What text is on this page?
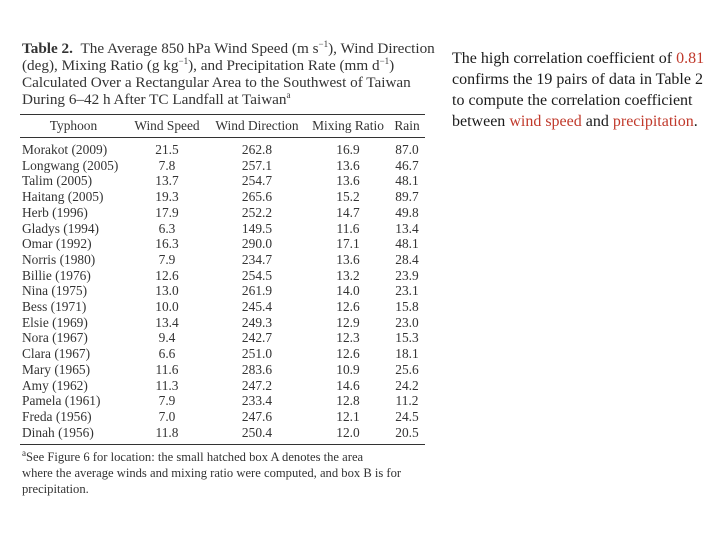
Table 2. The Average 850 hPa Wind Speed (m $s^{-1}$), Wind Direction
(deg), Mixing Ratio (g $kg^{-1}$), and Precipitation Rate (mm $d^{-1}$)
Calculated Over a Rectangular Area to the Southwest of Taiwan
During 6–42 h After TC Landfall at Taiwan$^a$
Typhoon	Wind Speed	Wind Direction	Mixing Ratio	Rain
Morakot (2009)	21.5	262.8	16.9	87.0
Longwang (2005)	7.8	257.1	13.6	46.7
Talim (2005)	13.7	254.7	13.6	48.1
Haitang (2005)	19.3	265.6	15.2	89.7
Herb (1996)	17.9	252.2	14.7	49.8
Gladys (1994)	6.3	149.5	11.6	13.4
Omar (1992)	16.3	290.0	17.1	48.1
Norris (1980)	7.9	234.7	13.6	28.4
Billie (1976)	12.6	254.5	13.2	23.9
Nina (1975)	13.0	261.9	14.0	23.1
Bess (1971)	10.0	245.4	12.6	15.8
Elsie (1969)	13.4	249.3	12.9	23.0
Nora (1967)	9.4	242.7	12.3	15.3
Clara (1967)	6.6	251.0	12.6	18.1
Mary (1965)	11.6	283.6	10.9	25.6
Amy (1962)	11.3	247.2	14.6	24.2
Pamela (1961)	7.9	233.4	12.8	11.2
Freda (1956)	7.0	247.6	12.1	24.5
Dinah (1956)	11.8	250.4	12.0	20.5
$^a$See Figure 6 for location: the small hatched box A denotes the area
where the average winds and mixing ratio were computed, and box B is for
precipitation.
The high correlation coefficient of 0.81 confirms the 19 pairs of data in Table 2 to compute the correlation coefficient between wind speed and precipitation.
